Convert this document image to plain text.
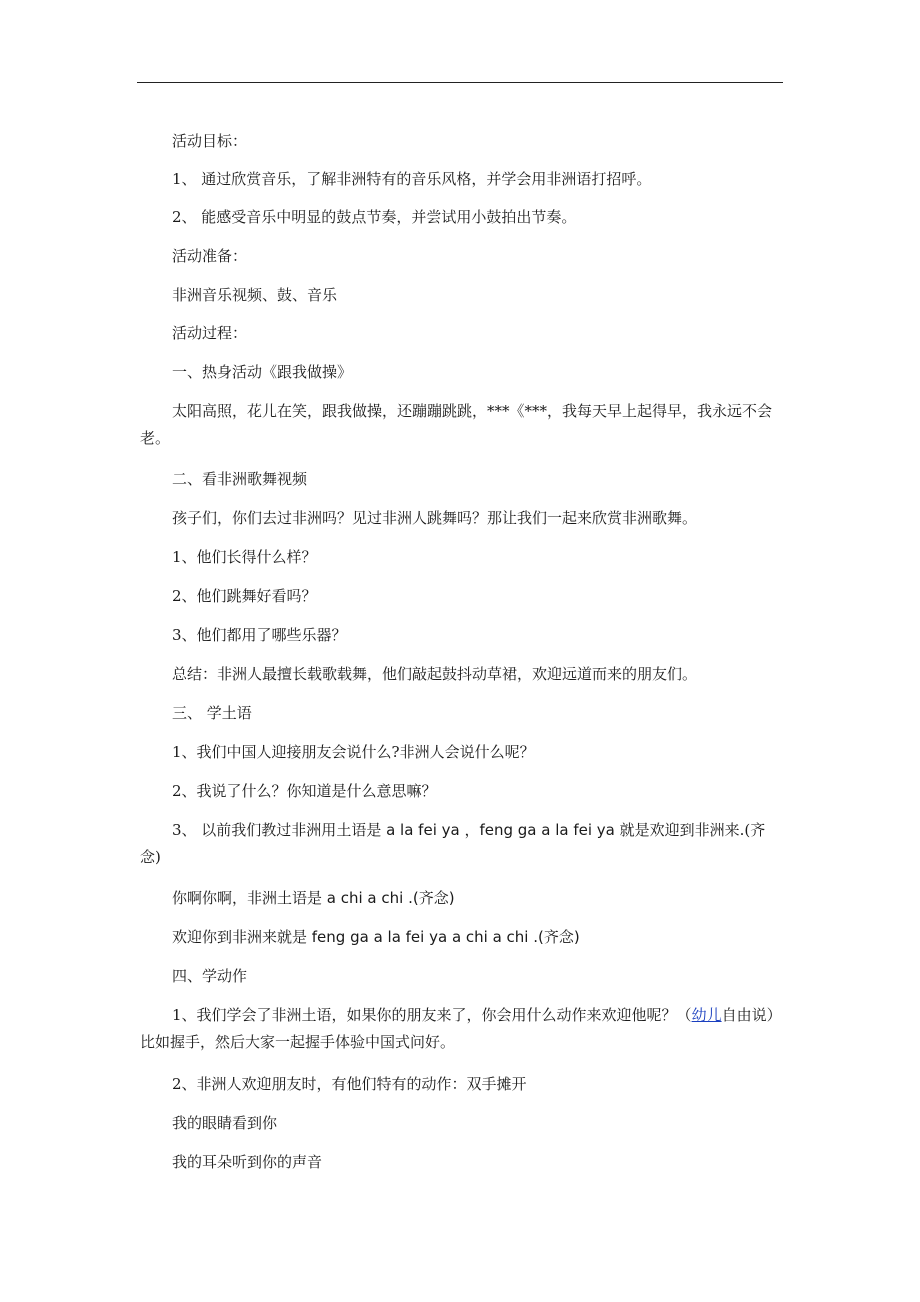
活动目标：
1、 通过欣赏音乐，了解非洲特有的音乐风格，并学会用非洲语打招呼。
2、 能感受音乐中明显的鼓点节奏，并尝试用小鼓拍出节奏。
活动准备：
非洲音乐视频、鼓、音乐
活动过程：
一、热身活动《跟我做操》
太阳高照，花儿在笑，跟我做操，还蹦蹦跳跳，***《***，我每天早上起得早，我永远不会老。
二、看非洲歌舞视频
孩子们，你们去过非洲吗？见过非洲人跳舞吗？那让我们一起来欣赏非洲歌舞。
1、他们长得什么样？
2、他们跳舞好看吗？
3、他们都用了哪些乐器？
总结：非洲人最擅长载歌载舞，他们敲起鼓抖动草裙，欢迎远道而来的朋友们。
三、 学土语
1、我们中国人迎接朋友会说什么?非洲人会说什么呢？
2、我说了什么？你知道是什么意思嘛？
3、 以前我们教过非洲用土语是 a la fei ya ，feng ga a la fei ya 就是欢迎到非洲来.(齐念)
你啊你啊，非洲土语是 a chi a chi .(齐念)
欢迎你到非洲来就是 feng ga a la fei ya a chi a chi .(齐念)
四、学动作
1、我们学会了非洲土语，如果你的朋友来了，你会用什么动作来欢迎他呢？（幼儿自由说）比如握手，然后大家一起握手体验中国式问好。
2、非洲人欢迎朋友时，有他们特有的动作：双手摊开
我的眼睛看到你
我的耳朵听到你的声音
